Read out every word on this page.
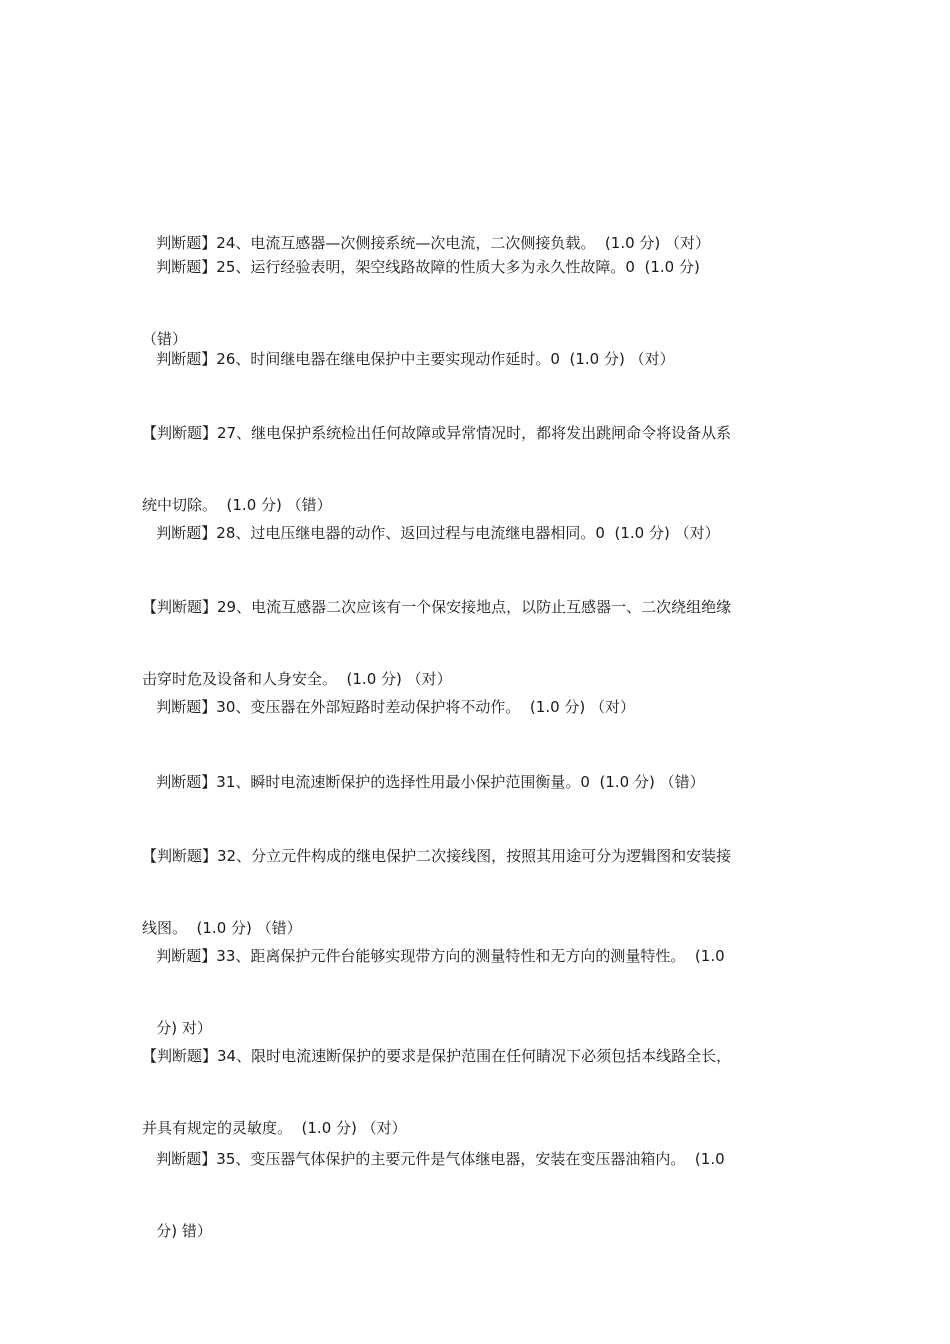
判断题】24、电流互感器—次侧接系统—次电流，二次侧接负载。  (1.0 分) （对）

判断题】25、运行经验表明，架空线路故障的性质大多为永久性故障。0  (1.0 分)

（错）

判断题】26、时间继电器在继电保护中主要实现动作延时。0  (1.0 分) （对）

【判断题】27、继电保护系统检出任何故障或异常情况时，都将发出跳闸命令将设备从系

统中切除。  (1.0 分) （错）

判断题】28、过电压继电器的动作、返回过程与电流继电器相同。0  (1.0 分) （对）

【判断题】29、电流互感器二次应该有一个保安接地点，以防止互感器一、二次绕组绝缘

击穿时危及设备和人身安全。  (1.0 分) （对）

判断题】30、变压器在外部短路时差动保护将不动作。  (1.0 分) （对）

判断题】31、瞬时电流速断保护的选择性用最小保护范围衡量。0  (1.0 分) （错）

【判断题】32、分立元件构成的继电保护二次接线图，按照其用途可分为逻辑图和安装接

线图。  (1.0 分) （错）

判断题】33、距离保护元件台能够实现带方向的测量特性和无方向的测量特性。  (1.0

分) 对）

【判断题】34、限时电流速断保护的要求是保护范围在任何睛况下必须包括本线路全长，

并具有规定的灵敏度。  (1.0 分) （对）

判断题】35、变压器气体保护的主要元件是气体继电器，安装在变压器油箱内。  (1.0

分) 错）
